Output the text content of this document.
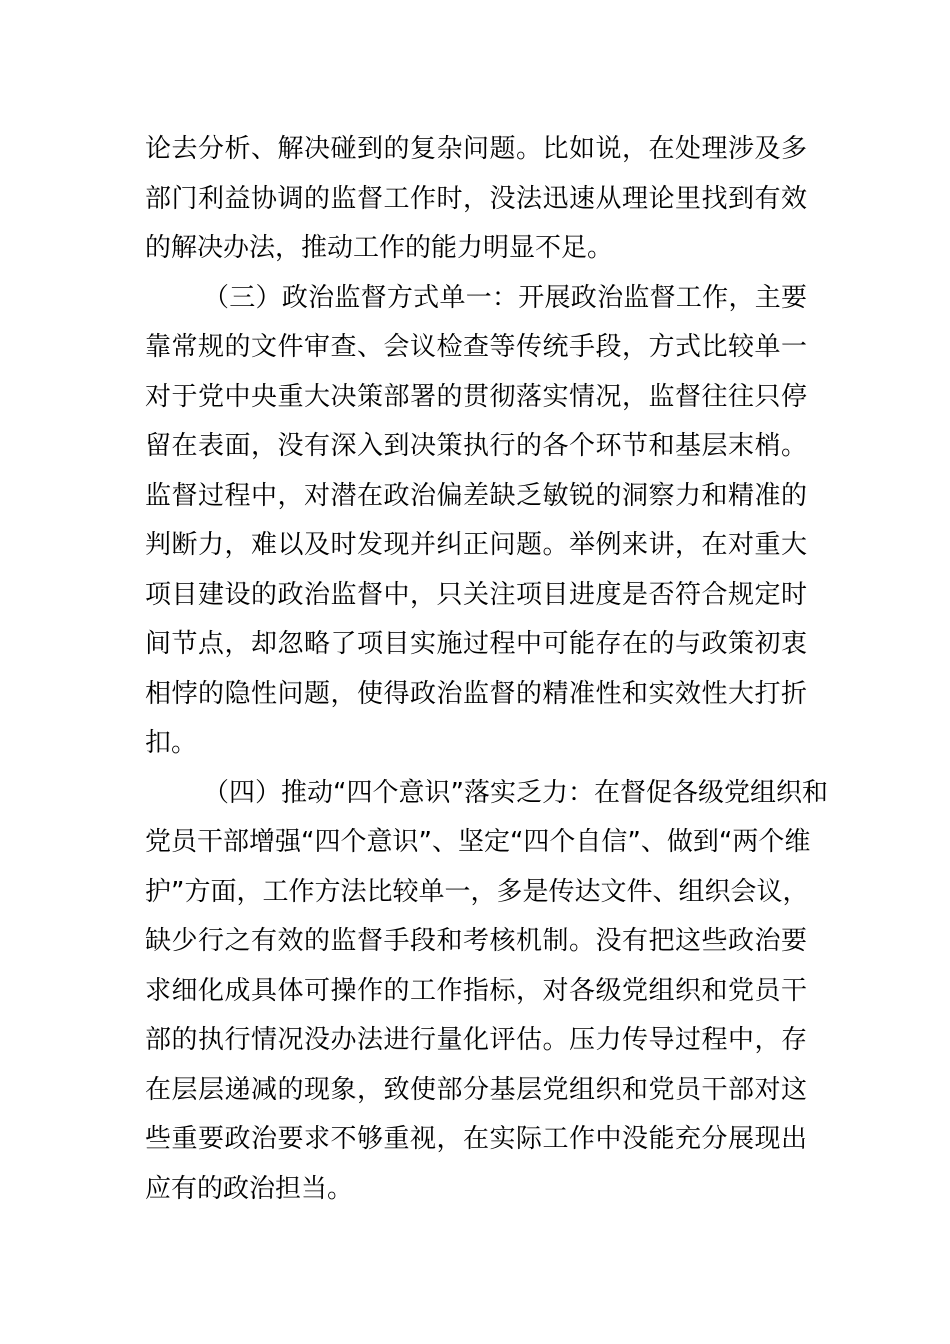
论去分析、解决碰到的复杂问题。比如说，在处理涉及多
部门利益协调的监督工作时，没法迅速从理论里找到有效
的解决办法，推动工作的能力明显不足。
（三）政治监督方式单一：开展政治监督工作，主要
靠常规的文件审查、会议检查等传统手段，方式比较单一
对于党中央重大决策部署的贯彻落实情况，监督往往只停
留在表面，没有深入到决策执行的各个环节和基层末梢。
监督过程中，对潜在政治偏差缺乏敏锐的洞察力和精准的
判断力，难以及时发现并纠正问题。举例来讲，在对重大
项目建设的政治监督中，只关注项目进度是否符合规定时
间节点，却忽略了项目实施过程中可能存在的与政策初衷
相悖的隐性问题，使得政治监督的精准性和实效性大打折
扣。
（四）推动“四个意识”落实乏力：在督促各级党组织和
党员干部增强“四个意识”、坚定“四个自信”、做到“两个维
护”方面，工作方法比较单一，多是传达文件、组织会议，
缺少行之有效的监督手段和考核机制。没有把这些政治要
求细化成具体可操作的工作指标，对各级党组织和党员干
部的执行情况没办法进行量化评估。压力传导过程中，存
在层层递减的现象，致使部分基层党组织和党员干部对这
些重要政治要求不够重视，在实际工作中没能充分展现出
应有的政治担当。
